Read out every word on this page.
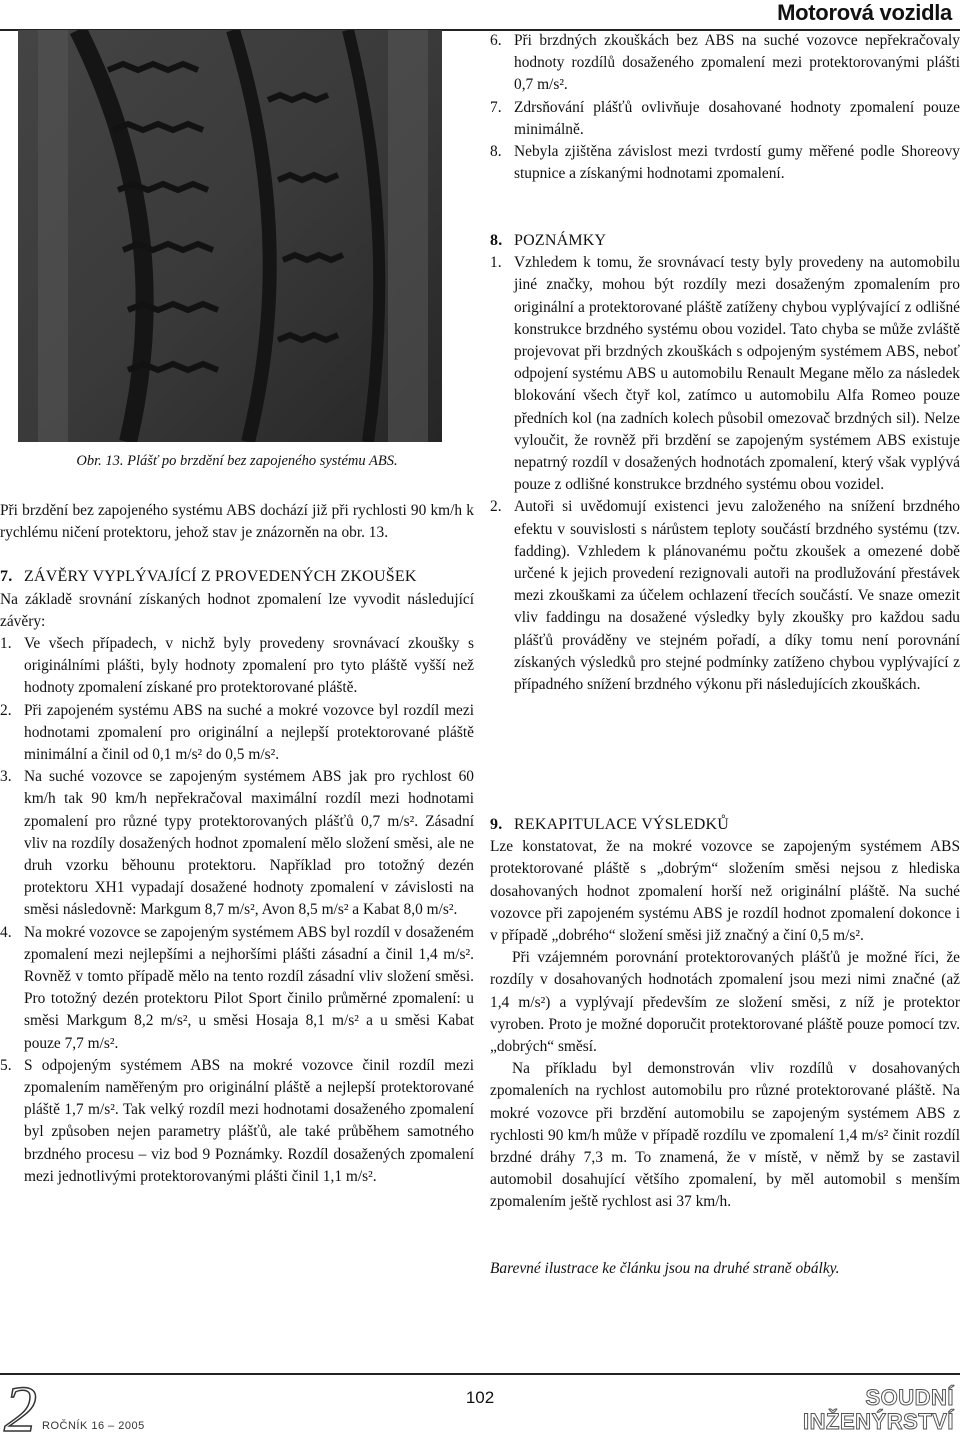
Motorová vozidla
Obr. 13. Plášť po brzdění bez zapojeného systému ABS.

Při brzdění bez zapojeného systému ABS dochází již při rychlosti 90 km/h k rychlému ničení protektoru, jehož stav je znázorněn na obr. 13.

7. ZÁVĚRY VYPLÝVAJÍCÍ Z PROVEDENÝCH ZKOUŠEK

Na základě srovnání získaných hodnot zpomalení lze vyvodit následující závěry:

1. Ve všech případech, v nichž byly provedeny srovnávací zkoušky s originálními plášti, byly hodnoty zpomalení pro tyto pláště vyšší než hodnoty zpomalení získané pro protektorované pláště.
2. Při zapojeném systému ABS na suché a mokré vozovce byl rozdíl mezi hodnotami zpomalení pro originální a nejlepší protektorované pláště minimální a činil od 0,1 m/s² do 0,5 m/s².
3. Na suché vozovce se zapojeným systémem ABS jak pro rychlost 60 km/h tak 90 km/h nepřekračoval maximální rozdíl mezi hodnotami zpomalení pro různé typy protektorovaných plášťů 0,7 m/s². Zásadní vliv na rozdíly dosažených hodnot zpomalení mělo složení směsi, ale ne druh vzorku běhounu protektoru. Například pro totožný dezén protektoru XH1 vypadají dosažené hodnoty zpomalení v závislosti na směsi následovně: Markgum 8,7 m/s², Avon 8,5 m/s² a Kabat 8,0 m/s².
4. Na mokré vozovce se zapojeným systémem ABS byl rozdíl v dosaženém zpomalení mezi nejlepšími a nejhoršími plášti zásadní a činil 1,4 m/s². Rovněž v tomto případě mělo na tento rozdíl zásadní vliv složení směsi. Pro totožný dezén protektoru Pilot Sport činilo průměrné zpomalení: u směsi Markgum 8,2 m/s², u směsi Hosaja 8,1 m/s² a u směsi Kabat pouze 7,7 m/s².
5. S odpojeným systémem ABS na mokré vozovce činil rozdíl mezi zpomalením naměřeným pro originální pláště a nejlepší protektorované pláště 1,7 m/s². Tak velký rozdíl mezi hodnotami dosaženého zpomalení byl způsoben nejen parametry plášťů, ale také průběhem samotného brzdného procesu – viz bod 9 Poznámky. Rozdíl dosažených zpomalení mezi jednotlivými protektorovanými plášti činil 1,1 m/s².
6. Při brzdných zkouškách bez ABS na suché vozovce nepřekračovaly hodnoty rozdílů dosaženého zpomalení mezi protektorovanými plášti 0,7 m/s².
7. Zdrsňování plášťů ovlivňuje dosahované hodnoty zpomalení pouze minimálně.
8. Nebyla zjištěna závislost mezi tvrdostí gumy měřené podle Shoreovy stupnice a získanými hodnotami zpomalení.
8. POZNÁMKY
1. Vzhledem k tomu, že srovnávací testy byly provedeny na automobilu jiné značky, mohou být rozdíly mezi dosaženým zpomalením pro originální a protektorované pláště zatíženy chybou vyplývající z odlišné konstrukce brzdného systému obou vozidel. Tato chyba se může zvláště projevovat při brzdných zkouškách s odpojeným systémem ABS, neboť odpojení systému ABS u automobilu Renault Megane mělo za následek blokování všech čtyř kol, zatímco u automobilu Alfa Romeo pouze předních kol (na zadních kolech působil omezovač brzdných sil). Nelze vyloučit, že rovněž při brzdění se zapojeným systémem ABS existuje nepatrný rozdíl v dosažených hodnotách zpomalení, který však vyplývá pouze z odlišné konstrukce brzdného systému obou vozidel.
2. Autoři si uvědomují existenci jevu založeného na snížení brzdného efektu v souvislosti s nárůstem teploty součástí brzdného systému (tzv. fadding). Vzhledem k plánovanému počtu zkoušek a omezené době určené k jejich provedení rezignovali autoři na prodlužování přestávek mezi zkouškami za účelem ochlazení třecích součástí. Ve snaze omezit vliv faddingu na dosažené výsledky byly zkoušky pro každou sadu plášťů prováděny ve stejném pořadí, a díky tomu není porovnání získaných výsledků pro stejné podmínky zatíženo chybou vyplývající z případného snížení brzdného výkonu při následujících zkouškách.
9. REKAPITULACE VÝSLEDKŮ

Lze konstatovat, že na mokré vozovce se zapojeným systémem ABS protektorované pláště s „dobrým“ složením směsi nejsou z hlediska dosahovaných hodnot zpomalení horší než originální pláště. Na suché vozovce při zapojeném systému ABS je rozdíl hodnot zpomalení dokonce i v případě „dobrého“ složení směsi již značný a činí 0,5 m/s².

Při vzájemném porovnání protektorovaných plášťů je možné říci, že rozdíly v dosahovaných hodnotách zpomalení jsou mezi nimi značné (až 1,4 m/s²) a vyplývají především ze složení směsi, z níž je protektor vyroben. Proto je možné doporučit protektorované pláště pouze pomocí tzv. „dobrých“ směsí.

Na příkladu byl demonstrován vliv rozdílů v dosahovaných zpomaleních na rychlost automobilu pro různé protektorované pláště. Na mokré vozovce při brzdění automobilu se zapojeným systémem ABS z rychlosti 90 km/h může v případě rozdílu ve zpomalení 1,4 m/s² činit rozdíl brzdné dráhy 7,3 m. To znamená, že v místě, v němž by se zastavil automobil dosahující většího zpomalení, by měl automobil s menším zpomalením ještě rychlost asi 37 km/h.

Barevné ilustrace ke článku jsou na druhé straně obálky.

102
2 ROČNÍK 16 – 2005
SOUDNÍ
INŽENÝRSTVÍ
